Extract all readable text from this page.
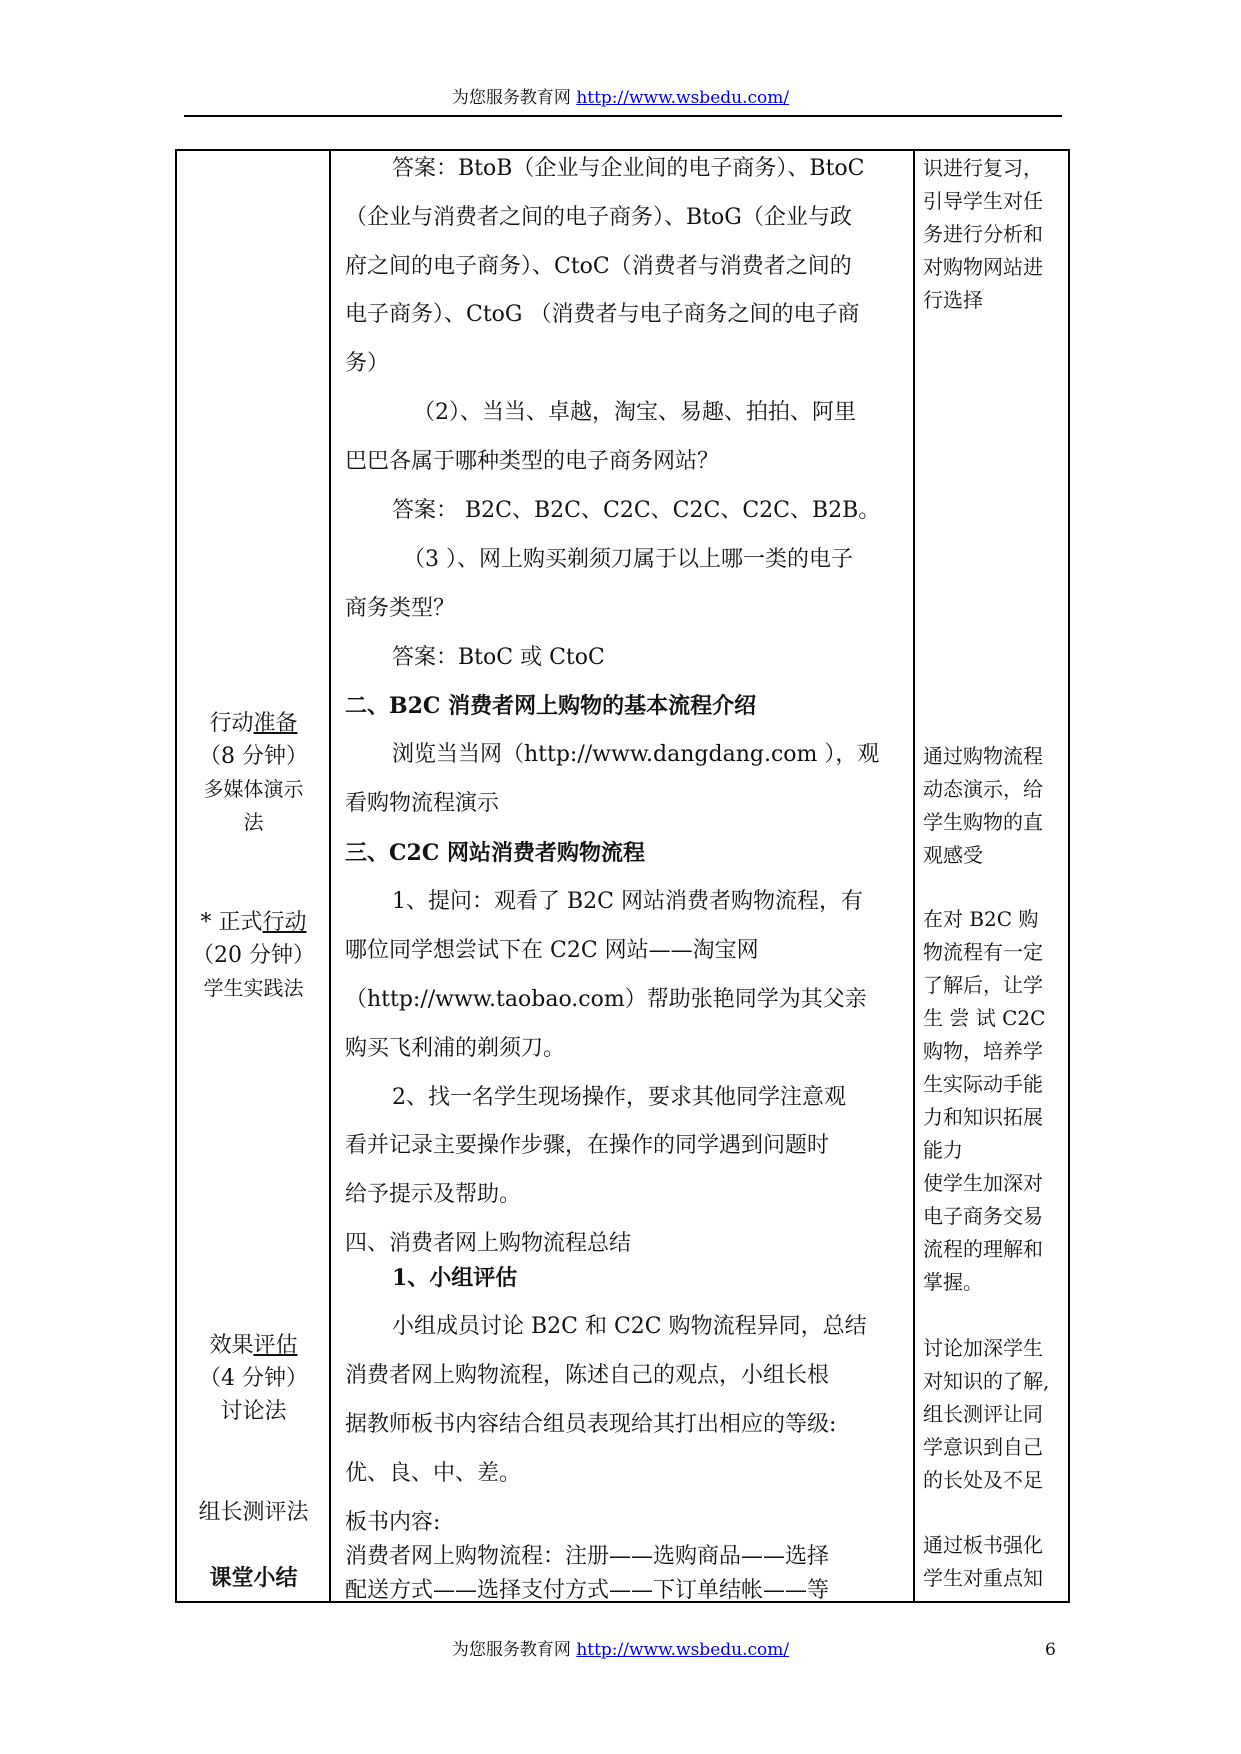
为您服务教育网 http://www.wsbedu.com/
行动准备
（8 分钟）
多媒体演示
法
* 正式行动
（20 分钟）
学生实践法
效果评估
（4 分钟）
讨论法
组长测评法
课堂小结
答案：BtoB（企业与企业间的电子商务）、BtoC
（企业与消费者之间的电子商务）、BtoG（企业与政
府之间的电子商务）、CtoC（消费者与消费者之间的
电子商务）、CtoG （消费者与电子商务之间的电子商
务）
（2）、当当、卓越，淘宝、易趣、拍拍、阿里
巴巴各属于哪种类型的电子商务网站？
答案： B2C、B2C、C2C、C2C、C2C、B2B。
（3 ）、网上购买剃须刀属于以上哪一类的电子
商务类型？
答案：BtoC 或 CtoC
二、B2C 消费者网上购物的基本流程介绍
浏览当当网（http://www.dangdang.com ），观
看购物流程演示
三、C2C 网站消费者购物流程
1、提问：观看了 B2C 网站消费者购物流程，有
哪位同学想尝试下在 C2C 网站——淘宝网
（http://www.taobao.com）帮助张艳同学为其父亲
购买飞利浦的剃须刀。
2、找一名学生现场操作，要求其他同学注意观
看并记录主要操作步骤，在操作的同学遇到问题时
给予提示及帮助。
四、消费者网上购物流程总结
1、小组评估
小组成员讨论 B2C 和 C2C 购物流程异同，总结
消费者网上购物流程，陈述自己的观点，小组长根
据教师板书内容结合组员表现给其打出相应的等级:
优、良、中、差。
板书内容:
消费者网上购物流程：注册——选购商品——选择
配送方式——选择支付方式——下订单结帐——等
识进行复习，
引导学生对任
务进行分析和
对购物网站进
行选择
通过购物流程
动态演示，给
学生购物的直
观感受
在对 B2C 购
物流程有一定
了解后，让学
生 尝 试 C2C
购物，培养学
生实际动手能
力和知识拓展
能力
使学生加深对
电子商务交易
流程的理解和
掌握。
讨论加深学生
对知识的了解,
组长测评让同
学意识到自己
的长处及不足
通过板书强化
学生对重点知
为您服务教育网 http://www.wsbedu.com/	6
